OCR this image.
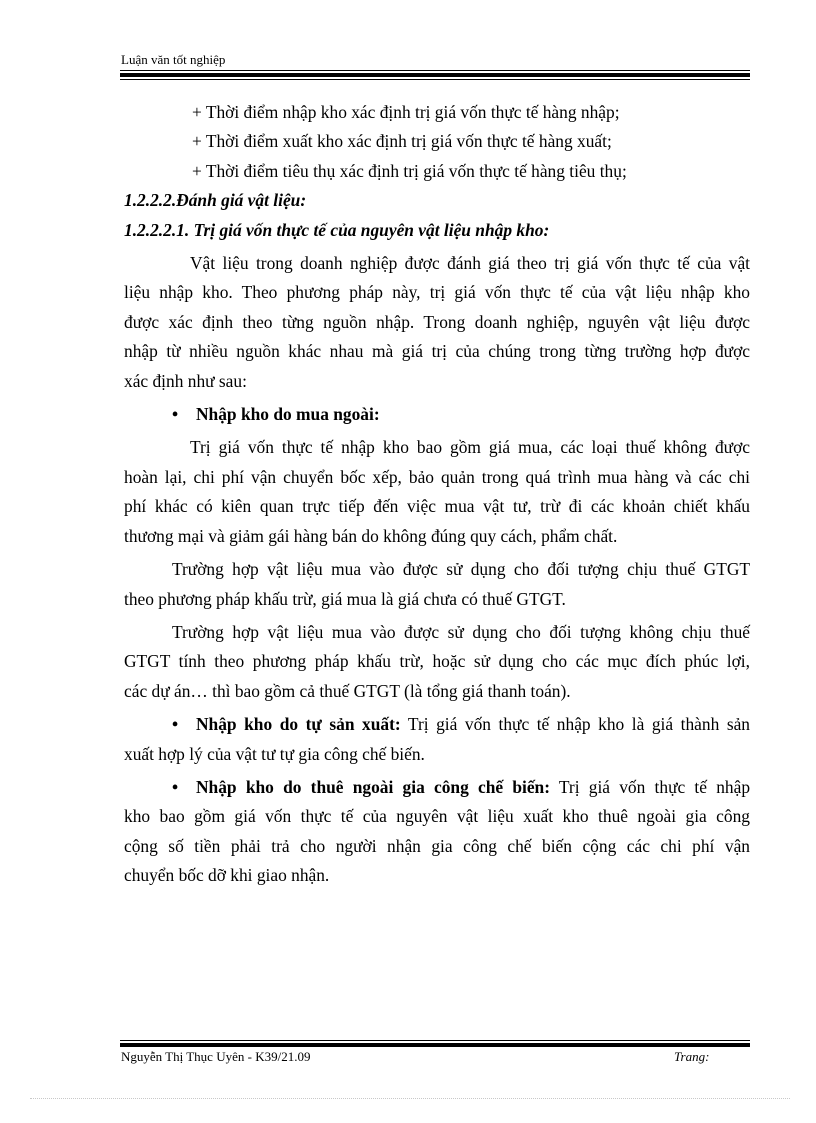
Luận văn tốt nghiệp
+ Thời điểm nhập kho xác định trị giá vốn thực tế hàng nhập;
+ Thời điểm xuất kho xác định trị giá vốn thực tế hàng xuất;
+ Thời điểm tiêu thụ xác định trị giá vốn thực tế hàng tiêu thụ;
1.2.2.2.Đánh giá vật liệu:
1.2.2.2.1. Trị giá vốn thực tế của nguyên vật liệu nhập kho:
Vật liệu trong doanh nghiệp được đánh giá theo trị giá vốn thực tế của vật
liệu nhập kho. Theo phương pháp này, trị giá vốn thực tế của vật liệu nhập kho
được xác định theo từng nguồn nhập. Trong doanh nghiệp, nguyên vật liệu được
nhập từ nhiều nguồn khác nhau mà giá trị của chúng trong từng trường hợp được
xác định như sau:
• Nhập kho do mua ngoài:
Trị giá vốn thực tế nhập kho bao gồm giá mua, các loại thuế không được
hoàn lại, chi phí vận chuyển bốc xếp, bảo quản trong quá trình mua hàng và các chi
phí khác có kiên quan trực tiếp đến việc mua vật tư, trừ đi các khoản chiết khấu
thương mại và giảm gái hàng bán do không đúng quy cách, phẩm chất.
Trường hợp vật liệu mua vào được sử dụng cho đối tượng chịu thuế GTGT
theo phương pháp khấu trừ, giá mua là giá chưa có thuế GTGT.
Trường hợp vật liệu mua vào được sử dụng cho đối tượng không chịu thuế
GTGT tính theo phương pháp khấu trừ, hoặc sử dụng cho các mục đích phúc lợi,
các dự án… thì bao gồm cả thuế GTGT (là tổng giá thanh toán).
• Nhập kho do tự sản xuất: Trị giá vốn thực tế nhập kho là giá thành sản
xuất hợp lý của vật tư tự gia công chế biến.
• Nhập kho do thuê ngoài gia công chế biến: Trị giá vốn thực tế nhập
kho bao gồm giá vốn thực tế của nguyên vật liệu xuất kho thuê ngoài gia công
cộng số tiền phải trả cho người nhận gia công chế biến cộng các chi phí vận
chuyển bốc dỡ khi giao nhận.
Nguyễn Thị Thục Uyên - K39/21.09	Trang:
